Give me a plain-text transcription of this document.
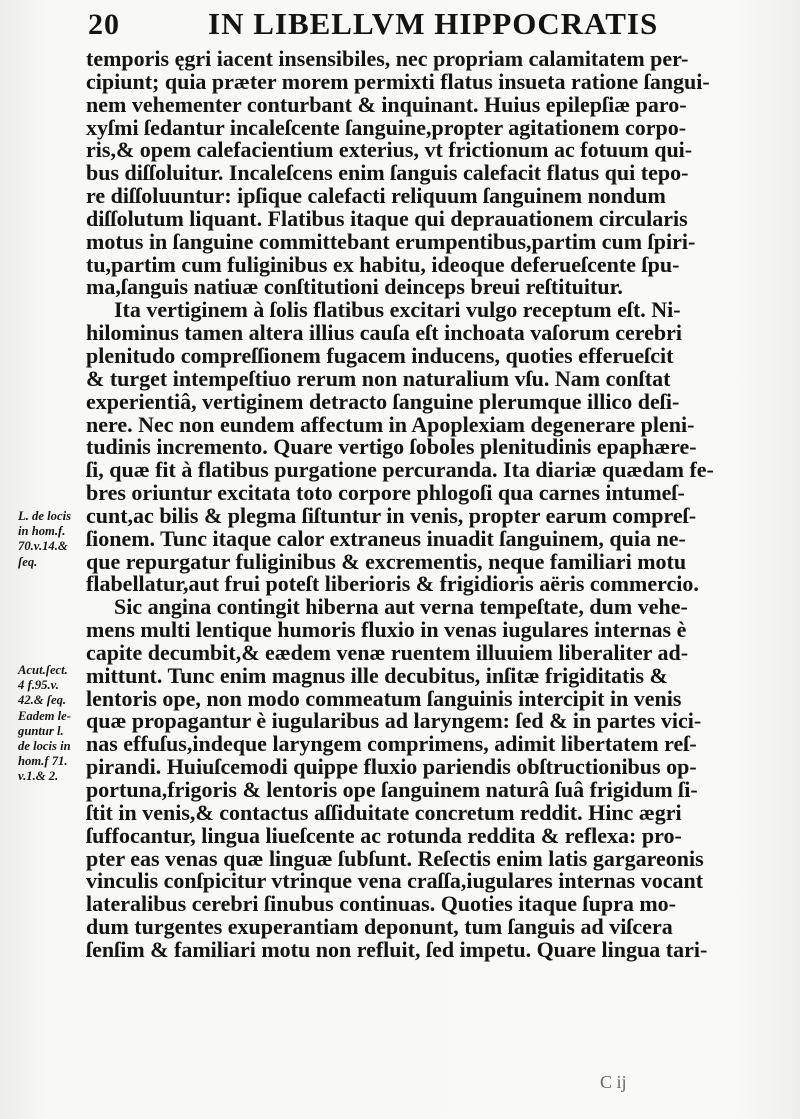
20	IN LIBELLVM HIPPOCRATIS
temporis ęgri iacent insensibiles, nec propriam calamitatem per-
cipiunt; quia præter morem permixti flatus insueta ratione ſangui-
nem vehementer conturbant & inquinant. Huius epilepſiæ paro-
xyſmi ſedantur incaleſcente ſanguine,propter agitationem corpo-
ris,& opem calefacientium exterius, vt frictionum ac fotuum qui-
bus diſſoluitur. Incaleſcens enim ſanguis calefacit flatus qui tepo-
re diſſoluuntur: ipſique calefacti reliquum ſanguinem nondum
diſſolutum liquant. Flatibus itaque qui deprauationem circularis
motus in ſanguine committebant erumpentibus,partim cum ſpiri-
tu,partim cum fuliginibus ex habitu, ideoque deferueſcente ſpu-
ma,ſanguis natiuæ conſtitutioni deinceps breui reſtituitur.
Ita vertiginem à ſolis flatibus excitari vulgo receptum eſt. Ni-
hilominus tamen altera illius cauſa eſt inchoata vaſorum cerebri
plenitudo compreſſionem fugacem inducens, quoties efferueſcit
& turget intempeſtiuo rerum non naturalium vſu. Nam conſtat
experientiâ, vertiginem detracto ſanguine plerumque illico deſi-
nere. Nec non eundem affectum in Apoplexiam degenerare pleni-
tudinis incremento. Quare vertigo ſoboles plenitudinis epaphære-
ſi, quæ fit à flatibus purgatione percuranda. Ita diariæ quædam fe-
bres oriuntur excitata toto corpore phlogoſi qua carnes intumeſ-
cunt,ac bilis & plegma ſiſtuntur in venis, propter earum compreſ-
ſionem. Tunc itaque calor extraneus inuadit ſanguinem, quia ne-
que repurgatur fuliginibus & excrementis, neque familiari motu
flabellatur,aut frui poteſt liberioris & frigidioris aëris commercio.
Sic angina contingit hiberna aut verna tempeſtate, dum vehe-
mens multi lentique humoris fluxio in venas iugulares internas è
capite decumbit,& eædem venæ ruentem illuuiem liberaliter ad-
mittunt. Tunc enim magnus ille decubitus, inſitæ frigiditatis &
lentoris ope, non modo commeatum ſanguinis intercipit in venis
quæ propagantur è iugularibus ad laryngem: ſed & in partes vici-
nas effuſus,indeque laryngem comprimens, adimit libertatem reſ-
pirandi. Huiuſcemodi quippe fluxio pariendis obſtructionibus op-
portuna,frigoris & lentoris ope ſanguinem naturâ ſuâ frigidum ſi-
ſtit in venis,& contactus aſſiduitate concretum reddit. Hinc ægri
ſuffocantur, lingua liueſcente ac rotunda reddita & reflexa: pro-
pter eas venas quæ linguæ ſubſunt. Reſectis enim latis gargareonis
vinculis conſpicitur vtrinque vena craſſa,iugulares internas vocant
lateralibus cerebri ſinubus continuas. Quoties itaque ſupra mo-
dum turgentes exuperantiam deponunt, tum ſanguis ad viſcera
ſenſim & familiari motu non refluit, ſed impetu. Quare lingua tari-
L. de locis
in hom.f.
70.v.14.&
ſeq.
Acut.ſect.
4 f.95.v.
42.& ſeq.
Eadem le-
guntur l.
de locis in
hom.f 71.
v.1.& 2.
C ij
